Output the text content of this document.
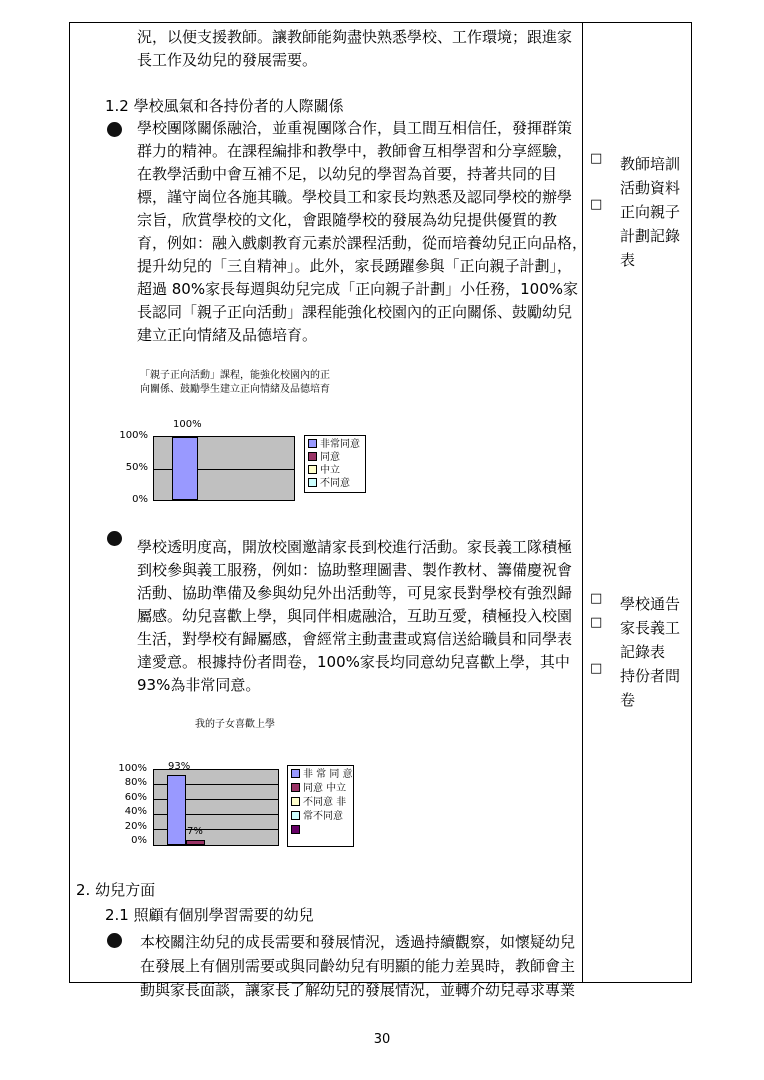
況，以便支援教師。讓教師能夠盡快熟悉學校、工作環境；跟進家
長工作及幼兒的發展需要。
1.2 學校風氣和各持份者的人際關係
學校團隊關係融洽，並重視團隊合作，員工間互相信任，發揮群策
群力的精神。在課程編排和教學中，教師會互相學習和分享經驗，
在教學活動中會互補不足，以幼兒的學習為首要，持著共同的目
標，謹守崗位各施其職。學校員工和家長均熟悉及認同學校的辦學
宗旨，欣賞學校的文化，會跟隨學校的發展為幼兒提供優質的教
育，例如：融入戲劇教育元素於課程活動，從而培養幼兒正向品格，
提升幼兒的「三自精神」。此外，家長踴躍參與「正向親子計劃」，
超過 80%家長每週與幼兒完成「正向親子計劃」小任務，100%家
長認同「親子正向活動」課程能強化校園內的正向關係、鼓勵幼兒
建立正向情緒及品德培育。
□
□
教師培訓
活動資料
正向親子
計劃記錄
表
「親子正向活動」課程，能強化校園內的正
向關係、鼓勵學生建立正向情緒及品德培育
100%
50%
0%
100%
非常同意
同意
中立
不同意
學校透明度高，開放校園邀請家長到校進行活動。家長義工隊積極
到校參與義工服務，例如：協助整理圖書、製作教材、籌備慶祝會
活動、協助準備及參與幼兒外出活動等，可見家長對學校有強烈歸
屬感。幼兒喜歡上學，與同伴相處融洽，互助互愛，積極投入校園
生活，對學校有歸屬感，會經常主動畫畫或寫信送給職員和同學表
達愛意。根據持份者問卷，100%家長均同意幼兒喜歡上學，其中
93%為非常同意。
□
□
□
學校通告
家長義工
記錄表
持份者問
卷
我的子女喜歡上學
100%
80%
60%
40%
20%
0%
93%
7%
非 常 同 意
同意 中立
不同意 非
常不同意
2. 幼兒方面
2.1 照顧有個別學習需要的幼兒
本校關注幼兒的成長需要和發展情況，透過持續觀察，如懷疑幼兒
在發展上有個別需要或與同齡幼兒有明顯的能力差異時，教師會主
動與家長面談，讓家長了解幼兒的發展情況，並轉介幼兒尋求專業
30
